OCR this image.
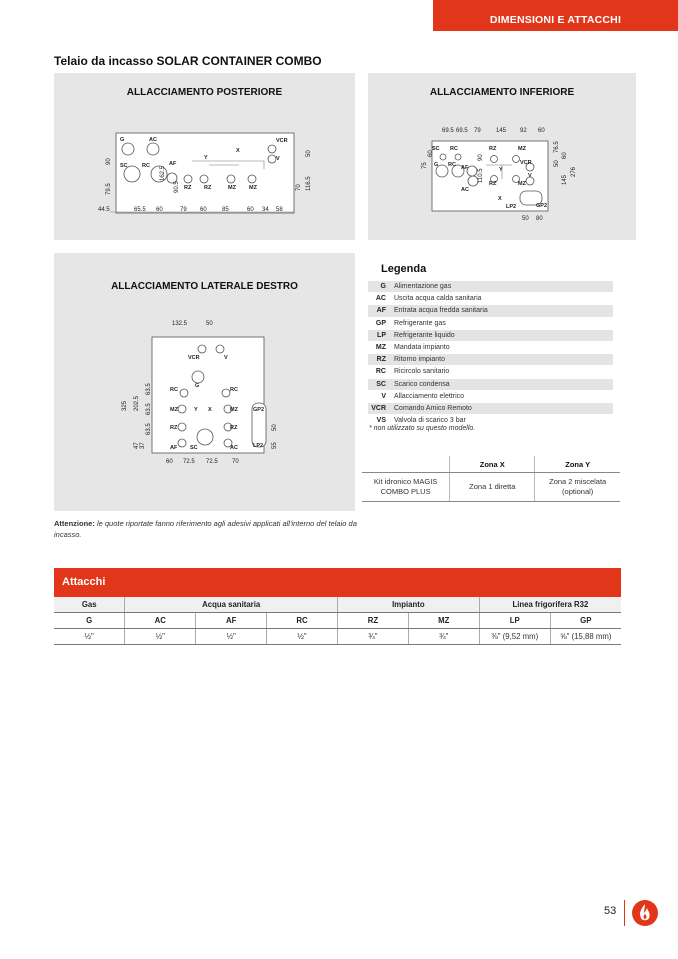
DIMENSIONI E ATTACCHI
Telaio da incasso SOLAR CONTAINER COMBO
ALLACCIAMENTO POSTERIORE
G	AC
SC	RC	AF
VCR
V
X
Y
RZ RZ	MZ MZ
44.5	65.5 60	79 60	85	60 34 58
90
79.5
162.5
90.5
50
70 116.5
ALLACCIAMENTO INFERIORE
SC RC
G RC AF
AC
RZ	MZ
Y
VCR
RZ	MZ
V
X
LP2	GP2
69.5 69.5 79	145 92 60
75
60
110.5
90
50
76.5
60
145
276
50 80
ALLACCIAMENTO LATERALE DESTRO
VCR	V
G
RC	RC
MZ	Y X	MZ
RZ	RZ
AF SC	AC
GP2
LP2
132.5	50
325 202.5
63.5
63.5
63.5
47 37
50
55
60 72.5 72.5 70
Legenda
G	Alimentazione gas
AC	Uscita acqua calda sanitaria
AF	Entrata acqua fredda sanitaria
GP	Refrigerante gas
LP	Refrigerante liquido
MZ	Mandata impianto
RZ	Ritorno impianto
RC	Ricircolo sanitario
SC	Scarico condensa
V	Allacciamento elettrico
VCR	Comando Amico Remoto
VS	Valvola di scarico 3 bar
* non utilizzato su questo modello.
	Zona X	Zona Y
Kit idronico MAGIS COMBO PLUS	Zona 1 diretta	Zona 2 miscelata (optional)
Attenzione: le quote riportate fanno riferimento agli adesivi applicati all'interno del telaio da incasso.
Attacchi
Gas	Acqua sanitaria			Impianto		Linea frigorifera R32	
G	AC	AF	RC	RZ	MZ	LP	GP
½"	½"	½"	½"	¾"	¾"	⅜" (9,52 mm)	⅝" (15,88 mm)
53
